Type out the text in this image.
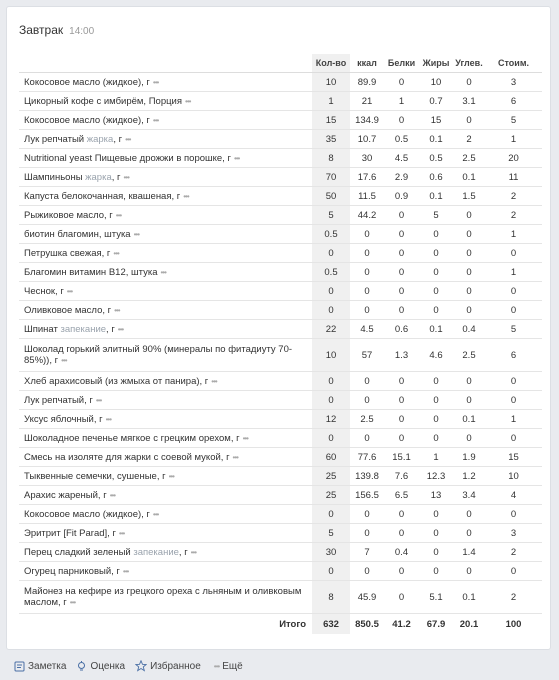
Завтрак 14:00
	Кол-во	ккал	Белки	Жиры	Углев.	Стоим.
Кокосовое масло (жидкое), г •••	10	89.9	0	10	0	3
Цикорный кофе с имбирём, Порция •••	1	21	1	0.7	3.1	6
Кокосовое масло (жидкое), г •••	15	134.9	0	15	0	5
Лук репчатый жарка, г •••	35	10.7	0.5	0.1	2	1
Nutritional yeast Пищевые дрожжи в порошке, г •••	8	30	4.5	0.5	2.5	20
Шампиньоны жарка, г •••	70	17.6	2.9	0.6	0.1	11
Капуста белокочанная, квашеная, г •••	50	11.5	0.9	0.1	1.5	2
Рыжиковое масло, г •••	5	44.2	0	5	0	2
биотин благомин, штука •••	0.5	0	0	0	0	1
Петрушка свежая, г •••	0	0	0	0	0	0
Благомин витамин B12, штука •••	0.5	0	0	0	0	1
Чеснок, г •••	0	0	0	0	0	0
Оливковое масло, г •••	0	0	0	0	0	0
Шпинат запекание, г •••	22	4.5	0.6	0.1	0.4	5
Шоколад горький элитный 90% (минералы по фитадиуту 70-85%)), г •••	10	57	1.3	4.6	2.5	6
Хлеб арахисовый (из жмыха от панира), г •••	0	0	0	0	0	0
Лук репчатый, г •••	0	0	0	0	0	0
Уксус яблочный, г •••	12	2.5	0	0	0.1	1
Шоколадное печенье мягкое с грецким орехом, г •••	0	0	0	0	0	0
Смесь на изоляте для жарки с соевой мукой, г •••	60	77.6	15.1	1	1.9	15
Тыквенные семечки, сушеные, г •••	25	139.8	7.6	12.3	1.2	10
Арахис жареный, г •••	25	156.5	6.5	13	3.4	4
Кокосовое масло (жидкое), г •••	0	0	0	0	0	0
Эритрит [Fit Parad], г •••	5	0	0	0	0	3
Перец сладкий зеленый запекание, г •••	30	7	0.4	0	1.4	2
Огурец парниковый, г •••	0	0	0	0	0	0
Майонез на кефире из грецкого ореха с льняным и оливковым маслом, г •••	8	45.9	0	5.1	0.1	2
Итого	632	850.5	41.2	67.9	20.1	100
Заметка Оценка	Избранное ••• Ещё
